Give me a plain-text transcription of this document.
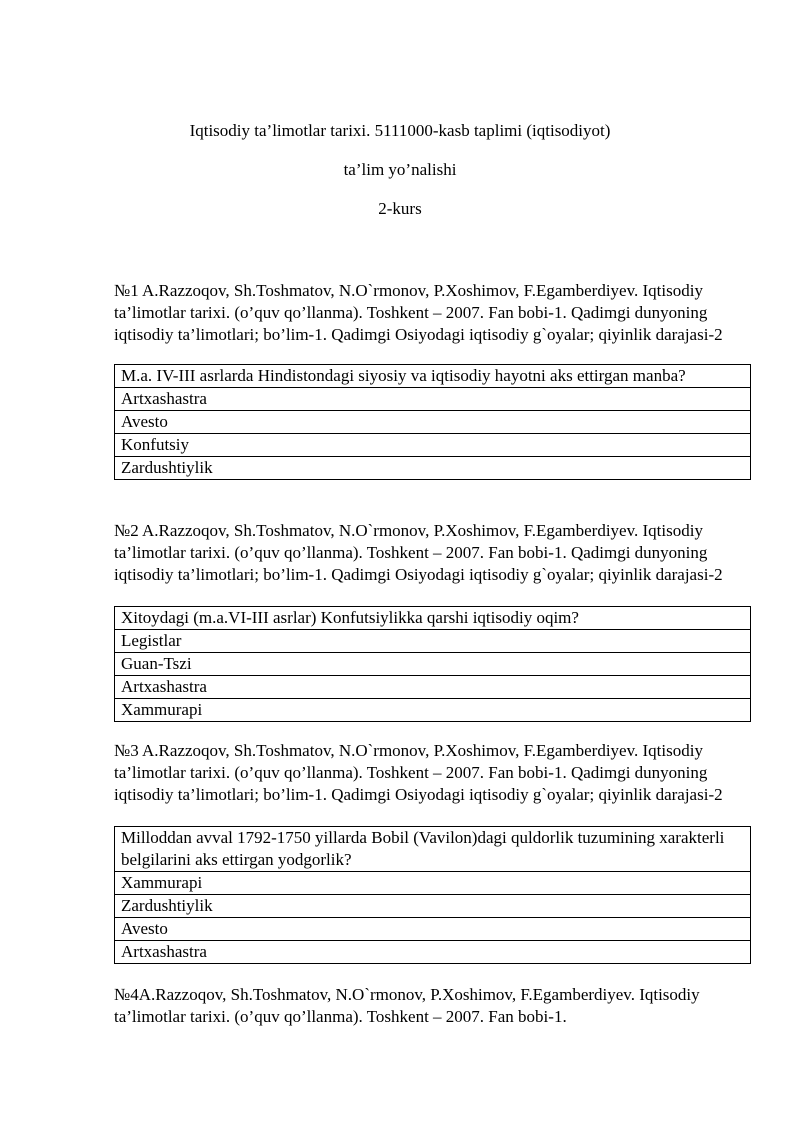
Iqtisodiy ta’limotlar tarixi. 5111000-kasb taplimi (iqtisodiyot)
ta’lim yo’nalishi
2-kurs
№1 A.Razzoqov, Sh.Toshmatov, N.O`rmonov, P.Xoshimov, F.Egamberdiyev. Iqtisodiy ta’limotlar tarixi. (o’quv qo’llanma). Toshkent – 2007. Fan bobi-1. Qadimgi dunyoning iqtisodiy ta’limotlari; bo’lim-1. Qadimgi Osiyodagi iqtisodiy g`oyalar; qiyinlik darajasi-2
M.a. IV-III asrlarda Hindistondagi siyosiy va iqtisodiy hayotni aks ettirgan manba?
Artxashastra
Avesto
Konfutsiy
Zardushtiylik
№2 A.Razzoqov, Sh.Toshmatov, N.O`rmonov, P.Xoshimov, F.Egamberdiyev. Iqtisodiy ta’limotlar tarixi. (o’quv qo’llanma). Toshkent – 2007. Fan bobi-1. Qadimgi dunyoning iqtisodiy ta’limotlari; bo’lim-1. Qadimgi Osiyodagi iqtisodiy g`oyalar; qiyinlik darajasi-2
Xitoydagi (m.a.VI-III asrlar) Konfutsiylikka qarshi iqtisodiy oqim?
Legistlar
Guan-Tszi
Artxashastra
Xammurapi
№3 A.Razzoqov, Sh.Toshmatov, N.O`rmonov, P.Xoshimov, F.Egamberdiyev. Iqtisodiy ta’limotlar tarixi. (o’quv qo’llanma). Toshkent – 2007. Fan bobi-1. Qadimgi dunyoning iqtisodiy ta’limotlari; bo’lim-1. Qadimgi Osiyodagi iqtisodiy g`oyalar; qiyinlik darajasi-2
Milloddan avval 1792-1750 yillarda Bobil (Vavilon)dagi quldorlik tuzumining xarakterli belgilarini aks ettirgan yodgorlik?
Xammurapi
Zardushtiylik
Avesto
Artxashastra
№4A.Razzoqov, Sh.Toshmatov, N.O`rmonov, P.Xoshimov, F.Egamberdiyev. Iqtisodiy ta’limotlar tarixi. (o’quv qo’llanma). Toshkent – 2007. Fan bobi-1.
